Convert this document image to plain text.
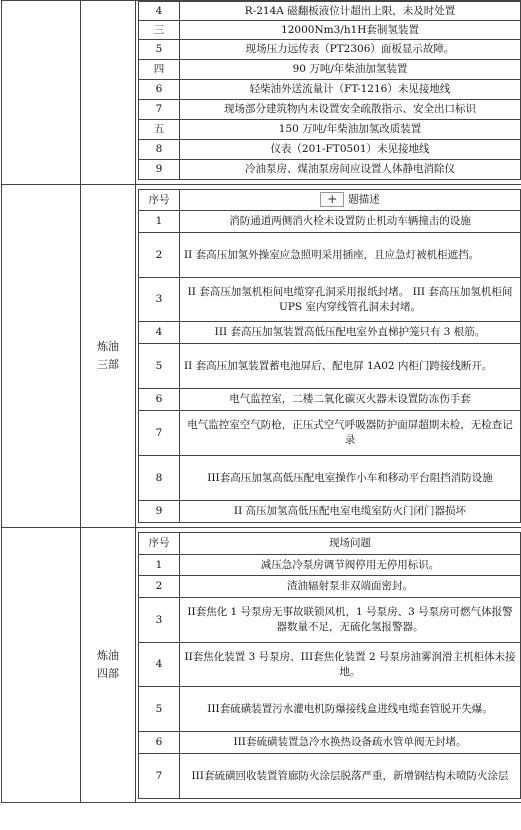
4	R-214A 磁翻板液位计超出上限，未及时处置
三	12000Nm3/h1H套制氢装置
5	现场压力远传表（PT2306）面板显示故障。
四	90 万吨/年柴油加氢装置
6	轻柴油外送流量计（FT-1216）未见接地线
7	现场部分建筑物内未设置安全疏散指示、安全出口标识
五	150 万吨/年柴油加氢改质装置
8	仪表（201-FT0501）未见接地线
9	冷油泵房、煤油泵房间应设置人体静电消除仪

	炼油三部	
序号	+ 题描述
1	消防通道两侧消火栓未设置防止机动车辆撞击的设施
2	II 套高压加氢外操室应急照明采用插座，且应急灯被机柜遮挡。
3	II 套高压加氢机柜间电缆穿孔洞采用报纸封堵。 III 套高压加氢机柜间 UPS 室内穿线管孔洞未封堵。
4	III 套高压加氢装置高低压配电室外直梯护笼只有 3 根筋。
5	II 套高压加氢装置蓄电池屏后、配电屏 1A02 内柜门跨接线断开。
6	电气监控室，二楼二氧化碳灭火器未设置防冻伤手套
7	电气监控室空气防枪，正压式空气呼吸器防护面屏超期未检，无检查记录
8	III套高压加氢高低压配电室操作小车和移动平台阻挡消防设施
9	II 高压加氢高低压配电室电缆室防火门闭门器损坏

	炼油四部	
序号	现场问题
1	减压急冷泵房调节阀停用无停用标识。
2	渣油辐射泵非双端面密封。
3	II套焦化 1 号泵房无事故联锁风机，1 号泵房、3 号泵房可燃气体报警器数量不足，无硫化氢报警器。
4	II套焦化装置 3 号泵房、III套焦化装置 2 号泵房油雾润滑主机柜体未接地。
5	III套硫磺装置污水灌电机防爆接线盒进线电缆套管脱开失爆。
6	III套硫磺装置急冷水换热设备疏水管单阀无封堵。
7	III套硫磺回收装置管廊防火涂层脱落严重，新增钢结构未喷防火涂层
